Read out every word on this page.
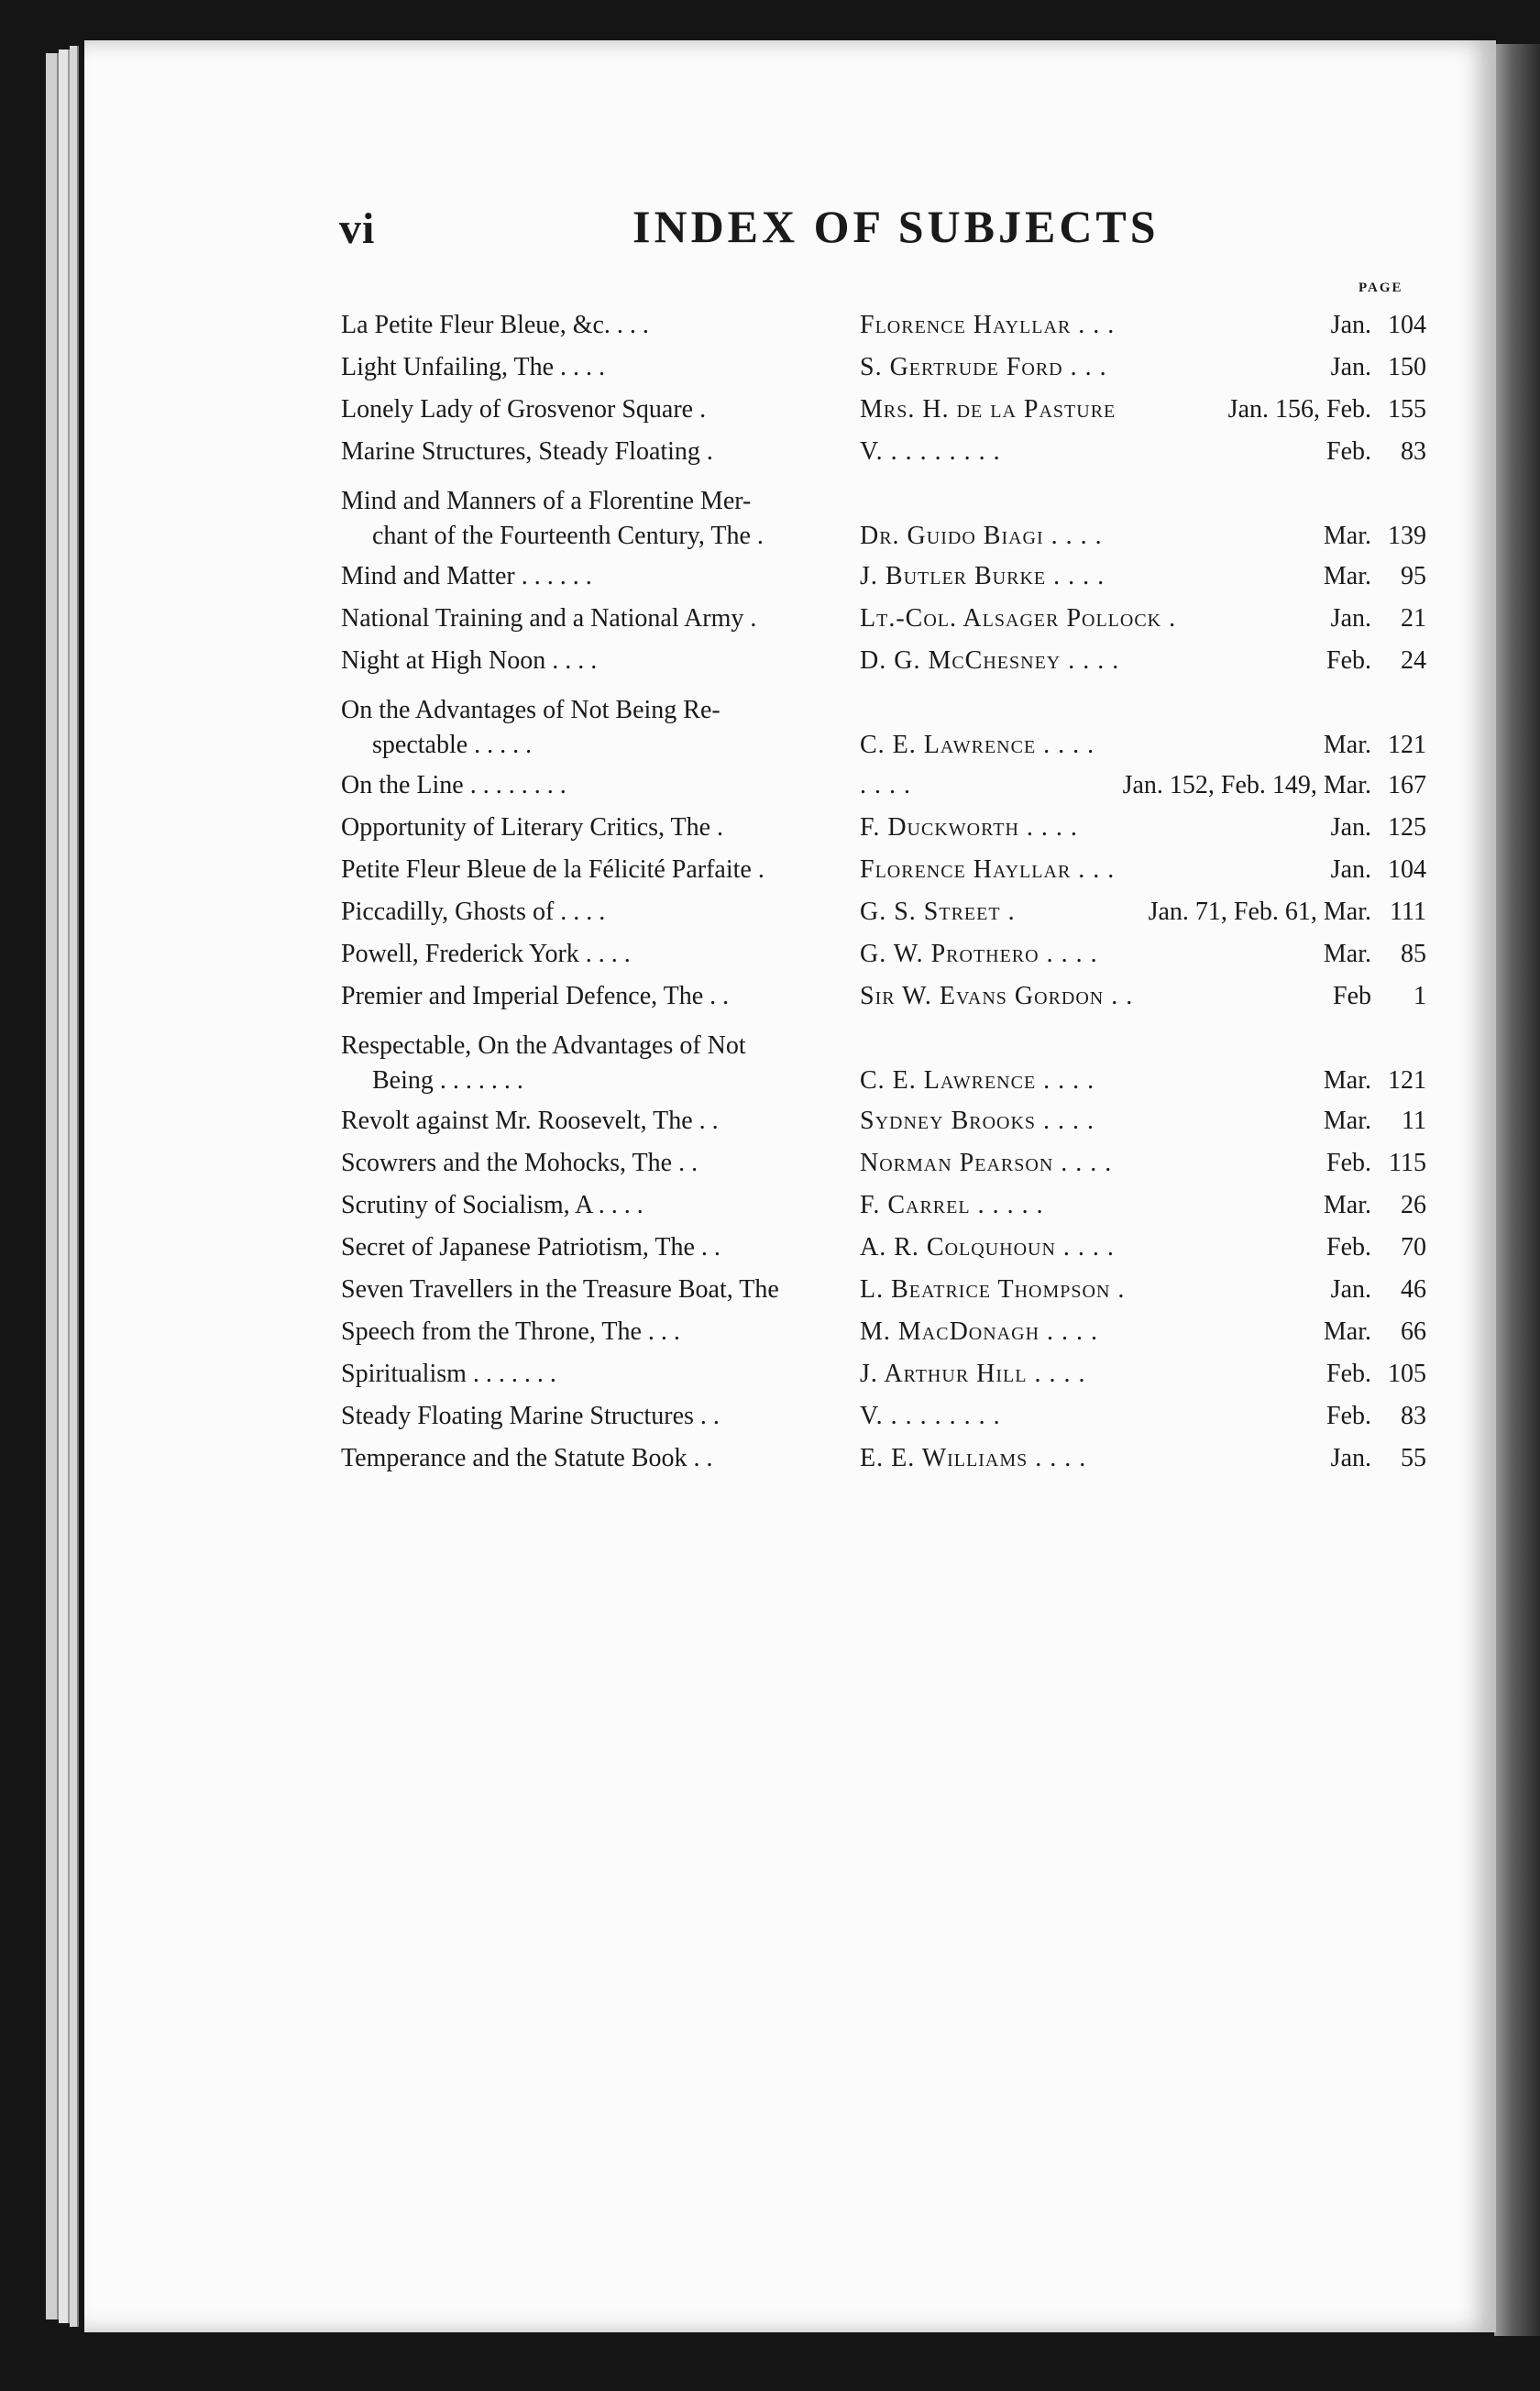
vi	INDEX OF SUBJECTS
PAGE
La Petite Fleur Bleue, &c. . . .	Florence Hayllar . . .	Jan. 104
Light Unfailing, The . . . .	S. Gertrude Ford . . .	Jan. 150
Lonely Lady of Grosvenor Square .	Mrs. H. de la Pasture	Jan. 156, Feb. 155
Marine Structures, Steady Floating .	V. . . . . . . . .	Feb. 83
Mind and Manners of a Florentine Mer-
chant of the Fourteenth Century, The .	Dr. Guido Biagi . . . .	Mar. 139
Mind and Matter . . . . . .	J. Butler Burke . . . .	Mar. 95
National Training and a National Army .	Lt.-Col. Alsager Pollock .	Jan. 21
Night at High Noon . . . .	D. G. McChesney . . . .	Feb. 24
On the Advantages of Not Being Re-
spectable . . . . .	C. E. Lawrence . . . .	Mar. 121
On the Line . . . . . . . .	. . . .	Jan. 152, Feb. 149, Mar. 167
Opportunity of Literary Critics, The .	F. Duckworth . . . .	Jan. 125
Petite Fleur Bleue de la Félicité Parfaite .	Florence Hayllar . . .	Jan. 104
Piccadilly, Ghosts of . . . .	G. S. Street .	Jan. 71, Feb. 61, Mar. 111
Powell, Frederick York . . . .	G. W. Prothero . . . .	Mar. 85
Premier and Imperial Defence, The . .	Sir W. Evans Gordon . .	Feb 1
Respectable, On the Advantages of Not
Being . . . . . . .	C. E. Lawrence . . . .	Mar. 121
Revolt against Mr. Roosevelt, The . .	Sydney Brooks . . . .	Mar. 11
Scowrers and the Mohocks, The . .	Norman Pearson . . . .	Feb. 115
Scrutiny of Socialism, A . . . .	F. Carrel . . . . .	Mar. 26
Secret of Japanese Patriotism, The . .	A. R. Colquhoun . . . .	Feb. 70
Seven Travellers in the Treasure Boat, The	L. Beatrice Thompson .	Jan. 46
Speech from the Throne, The . . .	M. MacDonagh . . . .	Mar. 66
Spiritualism . . . . . . .	J. Arthur Hill . . . .	Feb. 105
Steady Floating Marine Structures . .	V. . . . . . . . .	Feb. 83
Temperance and the Statute Book . .	E. E. Williams . . . .	Jan. 55
